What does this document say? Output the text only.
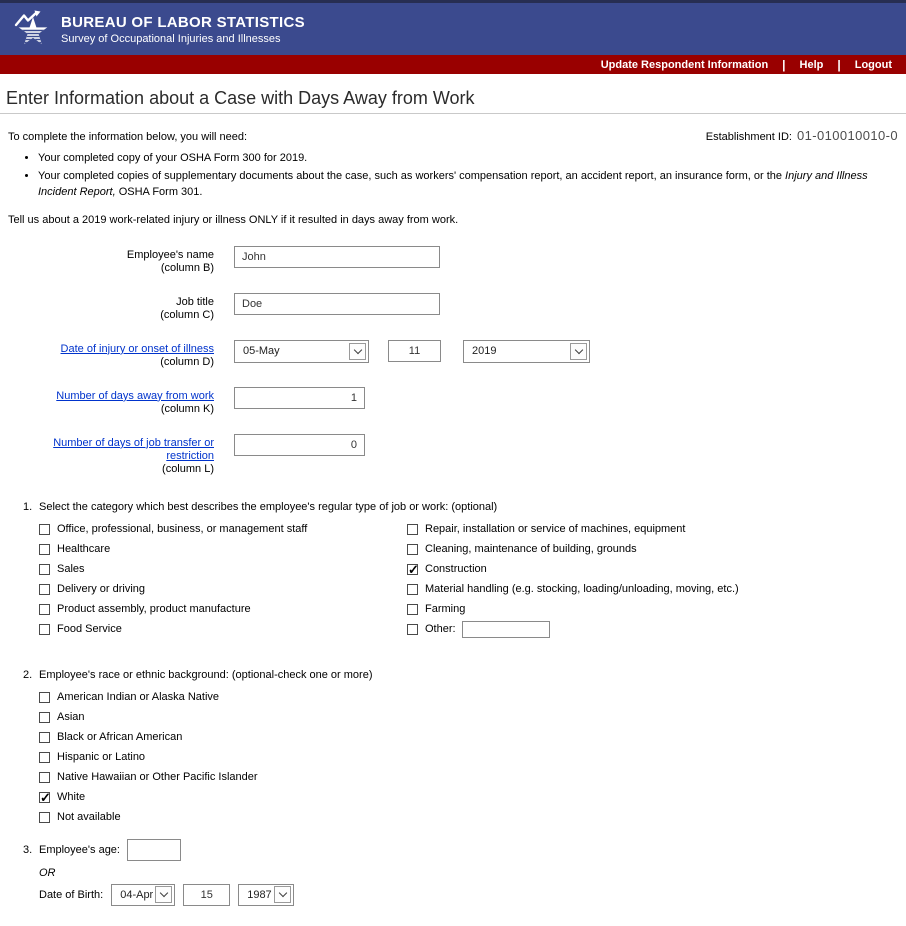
BUREAU OF LABOR STATISTICS
Survey of Occupational Injuries and Illnesses
Update Respondent Information | Help | Logout
Enter Information about a Case with Days Away from Work
To complete the information below, you will need:	Establishment ID: 01-010010010-0
• Your completed copy of your OSHA Form 300 for 2019.
• Your completed copies of supplementary documents about the case, such as workers' compensation report, an accident report, an insurance form, or the Injury and Illness Incident Report, OSHA Form 301.

Tell us about a 2019 work-related injury or illness ONLY if it resulted in days away from work.

Employee's name
(column B)
John
Job title
(column C)
Doe
Date of injury or onset of illness
(column D)
05-May
11	2019
Number of days away from work
(column K)
1
Number of days of job transfer or restriction
(column L)
0
1. Select the category which best describes the employee's regular type of job or work: (optional)
Office, professional, business, or management staff
Healthcare
Sales
Delivery or driving
Product assembly, product manufacture
Food Service
Repair, installation or service of machines, equipment
Cleaning, maintenance of building, grounds
✓
Construction
Material handling (e.g. stocking, loading/unloading, moving, etc.)
Farming
Other:
2. Employee's race or ethnic background: (optional-check one or more)
American Indian or Alaska Native
Asian
Black or African American
Hispanic or Latino
Native Hawaiian or Other Pacific Islander
✓
White
Not available
3. Employee's age:
OR
Date of Birth: 04-Apr
15	1987
